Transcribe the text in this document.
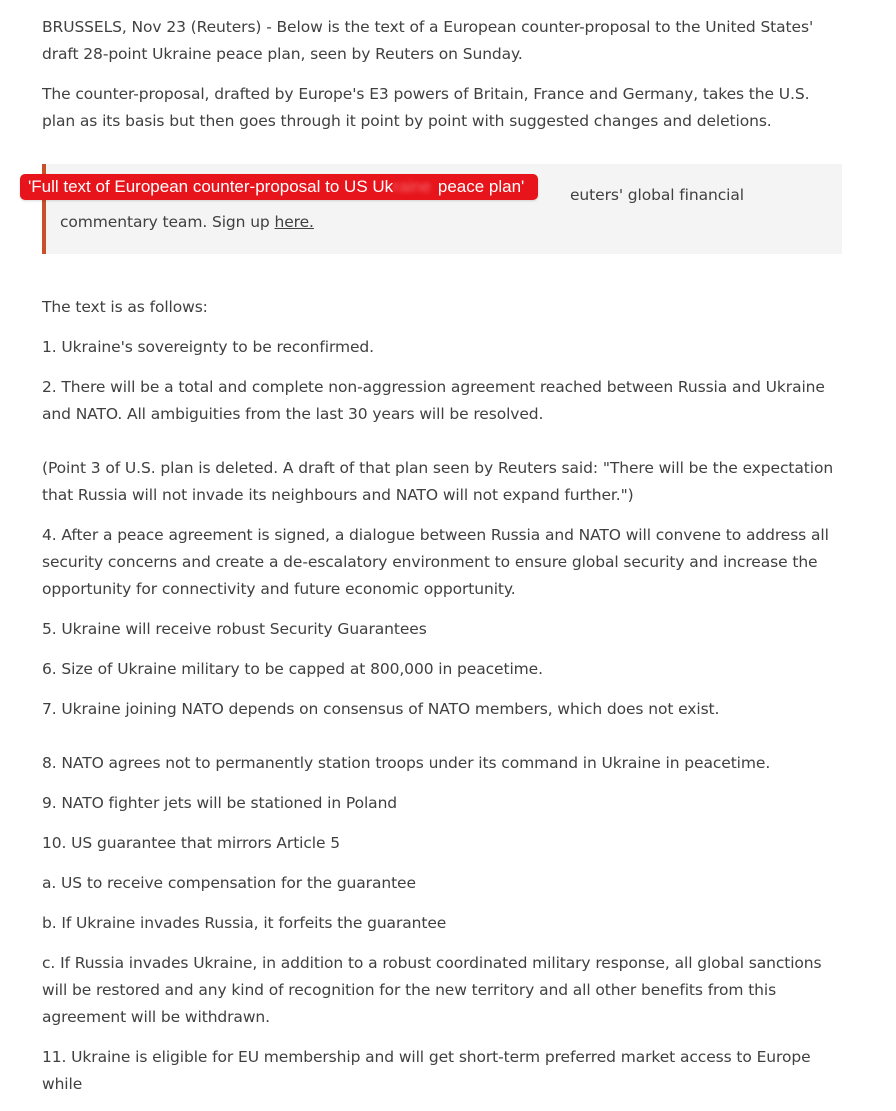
BRUSSELS, Nov 23 (Reuters) - Below is the text of a European counter-proposal to the United States' draft 28-point Ukraine peace plan, seen by Reuters on Sunday.

The counter-proposal, drafted by Europe's E3 powers of Britain, France and Germany, takes the U.S. plan as its basis but then goes through it point by point with suggested changes and deletions.

'Full text of European counter-proposal to US Ukraine peace plan'	euters' global financial commentary team. Sign up here.

The text is as follows:

1. Ukraine's sovereignty to be reconfirmed.

2. There will be a total and complete non-aggression agreement reached between Russia and Ukraine and NATO. All ambiguities from the last 30 years will be resolved.

(Point 3 of U.S. plan is deleted. A draft of that plan seen by Reuters said: "There will be the expectation that Russia will not invade its neighbours and NATO will not expand further.")

4. After a peace agreement is signed, a dialogue between Russia and NATO will convene to address all security concerns and create a de-escalatory environment to ensure global security and increase the opportunity for connectivity and future economic opportunity.

5. Ukraine will receive robust Security Guarantees

6. Size of Ukraine military to be capped at 800,000 in peacetime.

7. Ukraine joining NATO depends on consensus of NATO members, which does not exist.

8. NATO agrees not to permanently station troops under its command in Ukraine in peacetime.

9. NATO fighter jets will be stationed in Poland

10. US guarantee that mirrors Article 5

a. US to receive compensation for the guarantee

b. If Ukraine invades Russia, it forfeits the guarantee

c. If Russia invades Ukraine, in addition to a robust coordinated military response, all global sanctions will be restored and any kind of recognition for the new territory and all other benefits from this agreement will be withdrawn.

11. Ukraine is eligible for EU membership and will get short-term preferred market access to Europe while
